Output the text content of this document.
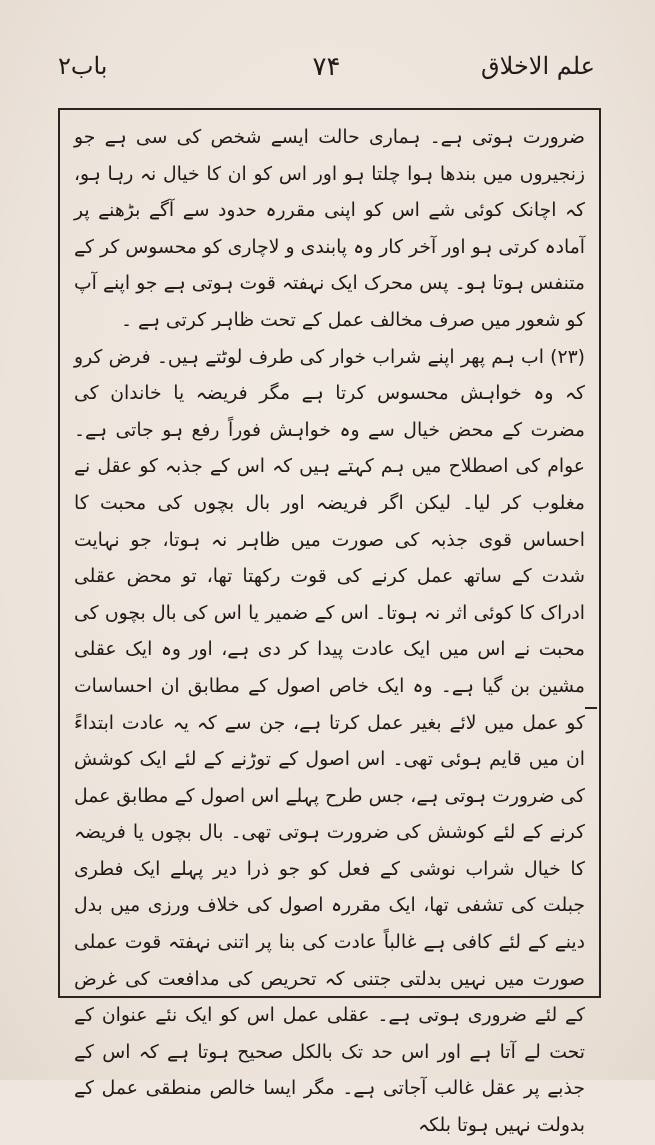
علم الاخلاق
۷۴
باب۲

ضرورت ہوتی ہے۔ ہماری حالت ایسے شخص کی سی ہے جو زنجیروں میں بندھا ہوا چلتا ہو اور اس کو ان کا خیال نہ رہا ہو، کہ اچانک کوئی شے اس کو اپنی مقررہ حدود سے آگے بڑھنے پر آمادہ کرتی ہو اور آخر کار وہ پابندی و لاچاری کو محسوس کر کے متنفس ہوتا ہو۔ پس محرک ایک نہفتہ قوت ہوتی ہے جو اپنے آپ کو شعور میں صرف مخالف عمل کے تحت ظاہر کرتی ہے ۔

(۲۳) اب ہم پھر اپنے شراب خوار کی طرف لوٹتے ہیں۔ فرض کرو کہ وہ خواہش محسوس کرتا ہے مگر فریضہ یا خاندان کی مضرت کے محض خیال سے وہ خواہش فوراً رفع ہو جاتی ہے۔ عوام کی اصطلاح میں ہم کہتے ہیں کہ اس کے جذبہ کو عقل نے مغلوب کر لیا۔ لیکن اگر فریضہ اور بال بچوں کی محبت کا احساس قوی جذبہ کی صورت میں ظاہر نہ ہوتا، جو نہایت شدت کے ساتھ عمل کرنے کی قوت رکھتا تھا، تو محض عقلی ادراک کا کوئی اثر نہ ہوتا۔ اس کے ضمیر یا اس کی بال بچوں کی محبت نے اس میں ایک عادت پیدا کر دی ہے، اور وہ ایک عقلی مشین بن گیا ہے۔ وہ ایک خاص اصول کے مطابق ان احساسات کو عمل میں لائے بغیر عمل کرتا ہے، جن سے کہ یہ عادت ابتداءً ان میں قایم ہوئی تھی۔ اس اصول کے توڑنے کے لئے ایک کوشش کی ضرورت ہوتی ہے، جس طرح پہلے اس اصول کے مطابق عمل کرنے کے لئے کوشش کی ضرورت ہوتی تھی۔ بال بچوں یا فریضہ کا خیال شراب نوشی کے فعل کو جو ذرا دیر پہلے ایک فطری جبلت کی تشفی تھا، ایک مقررہ اصول کی خلاف ورزی میں بدل دینے کے لئے کافی ہے غالباً عادت کی بنا پر اتنی نہفتہ قوت عملی صورت میں نہیں بدلتی جتنی کہ تحریص کی مدافعت کی غرض کے لئے ضروری ہوتی ہے۔ عقلی عمل اس کو ایک نئے عنوان کے تحت لے آتا ہے اور اس حد تک بالکل صحیح ہوتا ہے کہ اس کے جذبے پر عقل غالب آجاتی ہے۔ مگر ایسا خالص منطقی عمل کے بدولت نہیں ہوتا بلکہ
